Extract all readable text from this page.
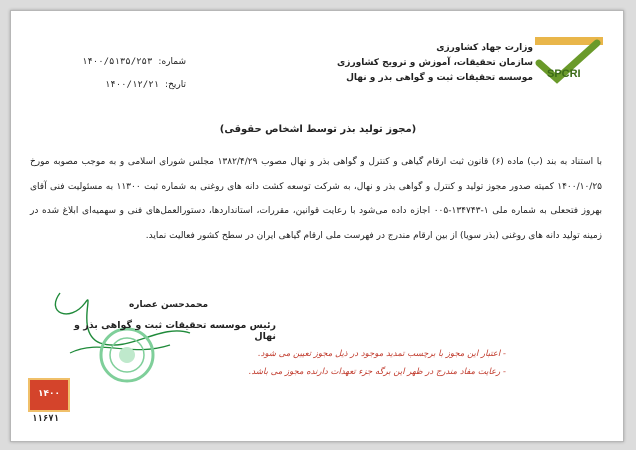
SPCRI
وزارت جهاد کشاورزی
سازمان تحقیقات، آموزش و ترویج کشاورزی
موسسه تحقیقات ثبت و گواهی بذر و نهال
شماره:
۱۴۰۰/۵۱۳۵/۲۵۳
تاریخ:
۱۴۰۰/۱۲/۲۱
(مجوز تولید بذر توسط اشخاص حقوقی)
با استناد به بند (ب) ماده (۶) قانون ثبت ارقام گیاهی و کنترل و گواهی بذر و نهال مصوب ۱۳۸۲/۴/۲۹ مجلس شورای اسلامی و به موجب مصوبه مورخ ۱۴۰۰/۱۰/۲۵ کمیته صدور مجوز تولید و کنترل و گواهی بذر و نهال، به شرکت توسعه کشت دانه های روغنی به شماره ثبت ۱۱۳۰۰ به مسئولیت فنی آقای بهروز فتحعلی به شماره ملی ۱-۱۳۴۷۴۳-۰۰۵ اجازه داده می‌شود با رعایت قوانین، مقررات، استانداردها، دستورالعمل‌های فنی و سهمیه‌ای ابلاغ شده در زمینه تولید دانه های روغنی (بذر سویا) از بین ارقام مندرج در فهرست ملی ارقام گیاهی ایران در سطح کشور فعالیت نماید.
محمدحسن عصاره
رئیس موسسه تحقیقات ثبت و گواهی بذر و نهال
- اعتبار این مجوز با برچسب تمدید موجود در ذیل مجوز تعیین می شود.
- رعایت مفاد مندرج در ظهر این برگه جزء تعهدات دارنده مجوز می باشد.
۱۴۰۰
۱۱۶۷۱
